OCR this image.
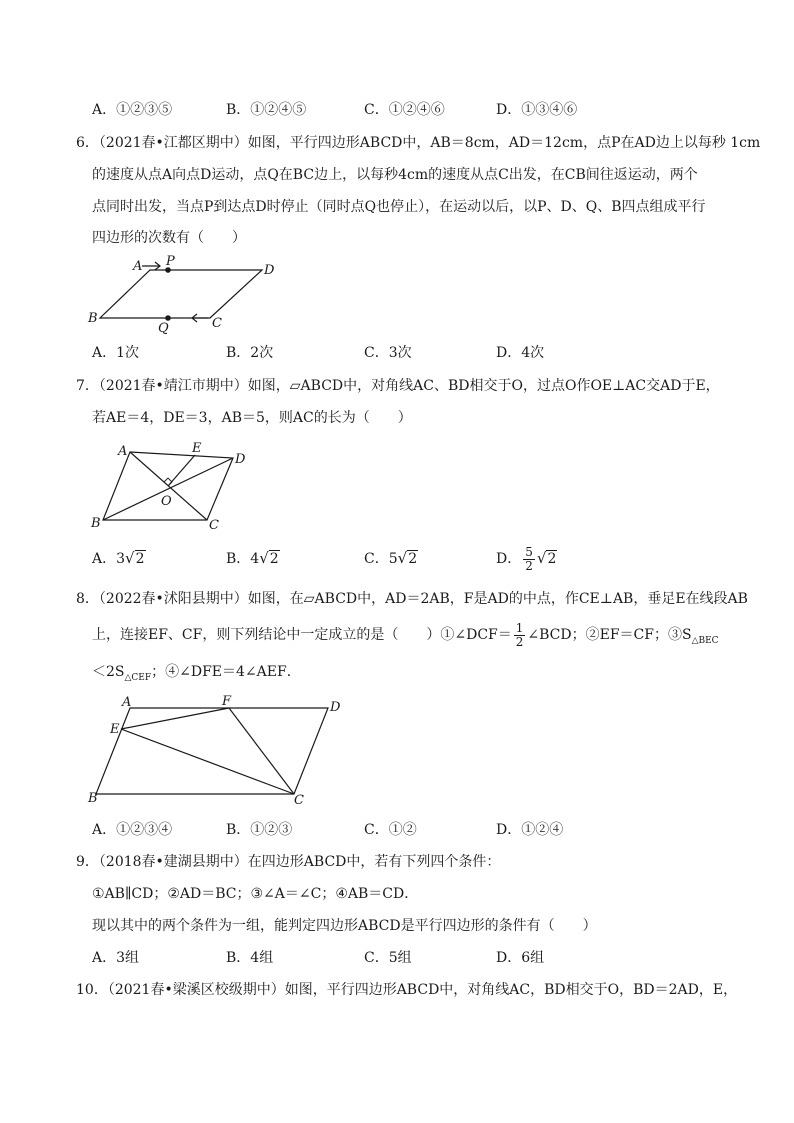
A．①②③⑤	B．①②④⑤	C．①②④⑥	D．①③④⑥
6．（2021春•江都区期中）如图，平行四边形ABCD中，AB＝8cm，AD＝12cm，点P在AD边上以每秒 1cm
的速度从点A向点D运动，点Q在BC边上，以每秒4cm的速度从点C出发，在CB间往返运动，两个
点同时出发，当点P到达点D时停止（同时点Q也停止），在运动以后，以P、D、Q、B四点组成平行
四边形的次数有（　　）
A P
D
B
Q	C
A．1次	B．2次	C．3次	D．4次
7．（2021春•靖江市期中）如图，▱ABCD中，对角线AC、BD相交于O，过点O作OE⊥AC交AD于E，
若AE＝4，DE＝3，AB＝5，则AC的长为（　　）
A	E
D
O
B	C
A．3√2	B．4√2	C．5√2	D． $\frac{5}{2} √2$
8．（2022春•沭阳县期中）如图，在▱ABCD中，AD＝2AB，F是AD的中点，作CE⊥AB，垂足E在线段AB
上，连接EF、CF，则下列结论中一定成立的是（　　）①∠DCF＝ $\frac{1}{2}$ ∠BCD；②EF＝CF；$③S_{\triangle BEC}$
$<2S_{\triangle CEF}$；④∠DFE＝4∠AEF．
A	F	D
E
B	C
A．①②③④	B．①②③	C．①②	D．①②④
9．（2018春•建湖县期中）在四边形ABCD中，若有下列四个条件：
①AB∥CD；②AD＝BC；③∠A＝∠C；④AB＝CD．
现以其中的两个条件为一组，能判定四边形ABCD是平行四边形的条件有（　　）
A．3组	B．4组	C．5组	D．6组
10．（2021春•梁溪区校级期中）如图，平行四边形ABCD中，对角线AC，BD相交于O，BD＝2AD，E，
